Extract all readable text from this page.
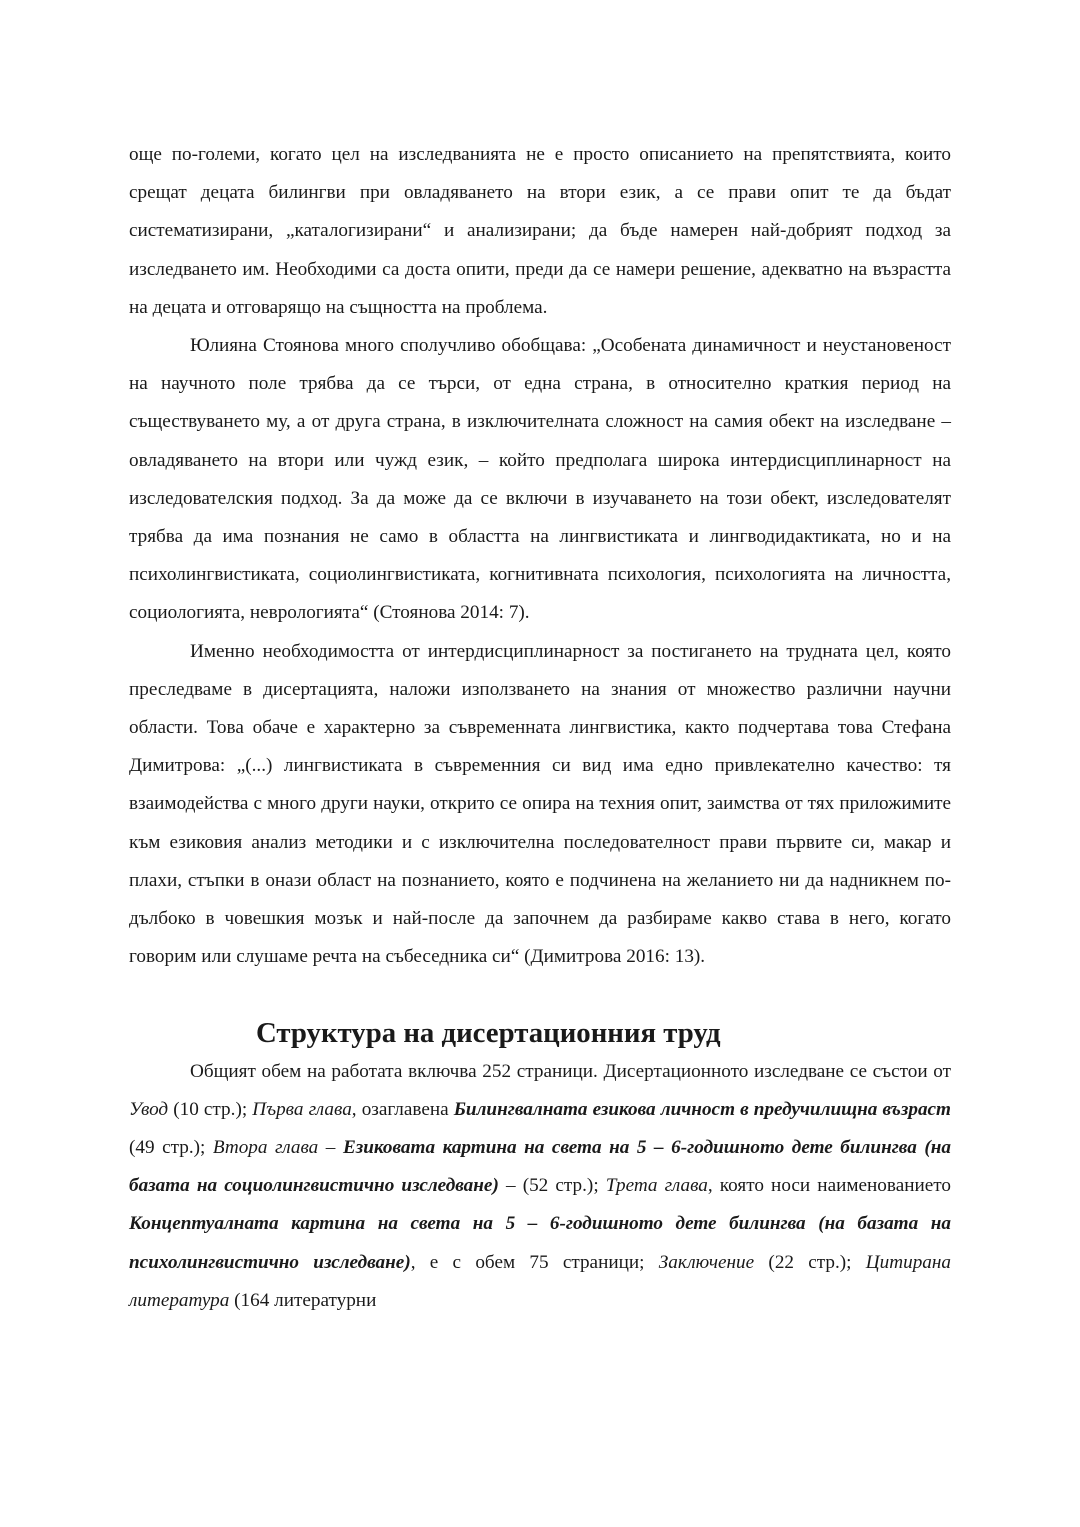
още по-големи, когато цел на изследванията не е просто описанието на препятствията, които срещат децата билингви при овладяването на втори език, а се прави опит те да бъдат систематизирани, „каталогизирани“ и анализирани; да бъде намерен най-добрият подход за изследването им. Необходими са доста опити, преди да се намери решение, адекватно на възрастта на децата и отговарящо на същността на проблема.

Юлияна Стоянова много сполучливо обобщава: „Особената динамичност и неустановеност на научното поле трябва да се търси, от една страна, в относително краткия период на съществуването му, а от друга страна, в изключителната сложност на самия обект на изследване – овладяването на втори или чужд език, – който предполага широка интердисциплинарност на изследователския подход. За да може да се включи в изучаването на този обект, изследователят трябва да има познания не само в областта на лингвистиката и лингводидактиката, но и на психолингвистиката, социолингвистиката, когнитивната психология, психологията на личността, социологията, неврологията“ (Стоянова 2014: 7).

Именно необходимостта от интердисциплинарност за постигането на трудната цел, която преследваме в дисертацията, наложи използването на знания от множество различни научни области. Това обаче е характерно за съвременната лингвистика, както подчертава това Стефана Димитрова: „(...) лингвистиката в съвременния си вид има едно привлекателно качество: тя взаимодейства с много други науки, открито се опира на техния опит, заимства от тях приложимите към езиковия анализ методики и с изключителна последователност прави първите си, макар и плахи, стъпки в онази област на познанието, която е подчинена на желанието ни да надникнем по-дълбоко в човешкия мозък и най-после да започнем да разбираме какво става в него, когато говорим или слушаме речта на събеседника си“ (Димитрова 2016: 13).

Структура на дисертационния труд

Общият обем на работата включва 252 страници. Дисертационното изследване се състои от Увод (10 стр.); Първа глава, озаглавена Билингвалната езикова личност в предучилищна възраст (49 стр.); Втора глава – Езиковата картина на света на 5 – 6-годишното дете билингва (на базата на социолингвистично изследване) – (52 стр.); Трета глава, която носи наименованието Концептуалната картина на света на 5 – 6-годишното дете билингва (на базата на психолингвистично изследване), е с обем 75 страници; Заключение (22 стр.); Цитирана литература (164 литературни
